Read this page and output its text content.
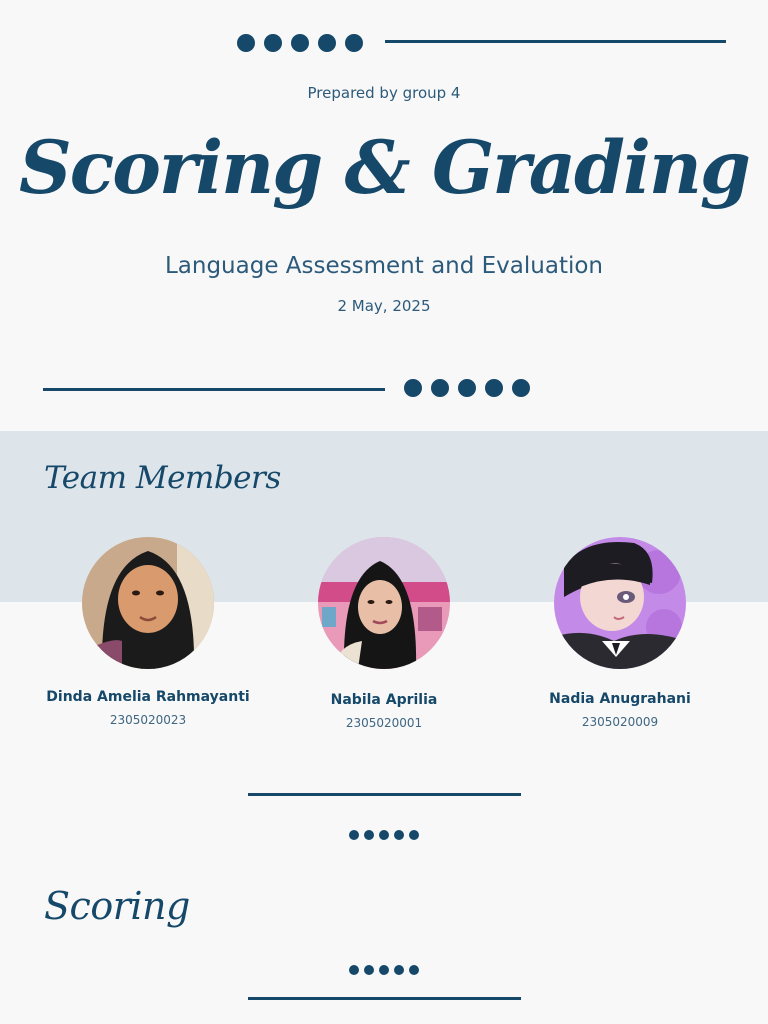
Prepared by group 4
Scoring & Grading
Language Assessment and Evaluation
2 May, 2025
Team Members
Dinda Amelia Rahmayanti
2305020023
Nabila Aprilia
2305020001
Nadia Anugrahani
2305020009
Scoring
